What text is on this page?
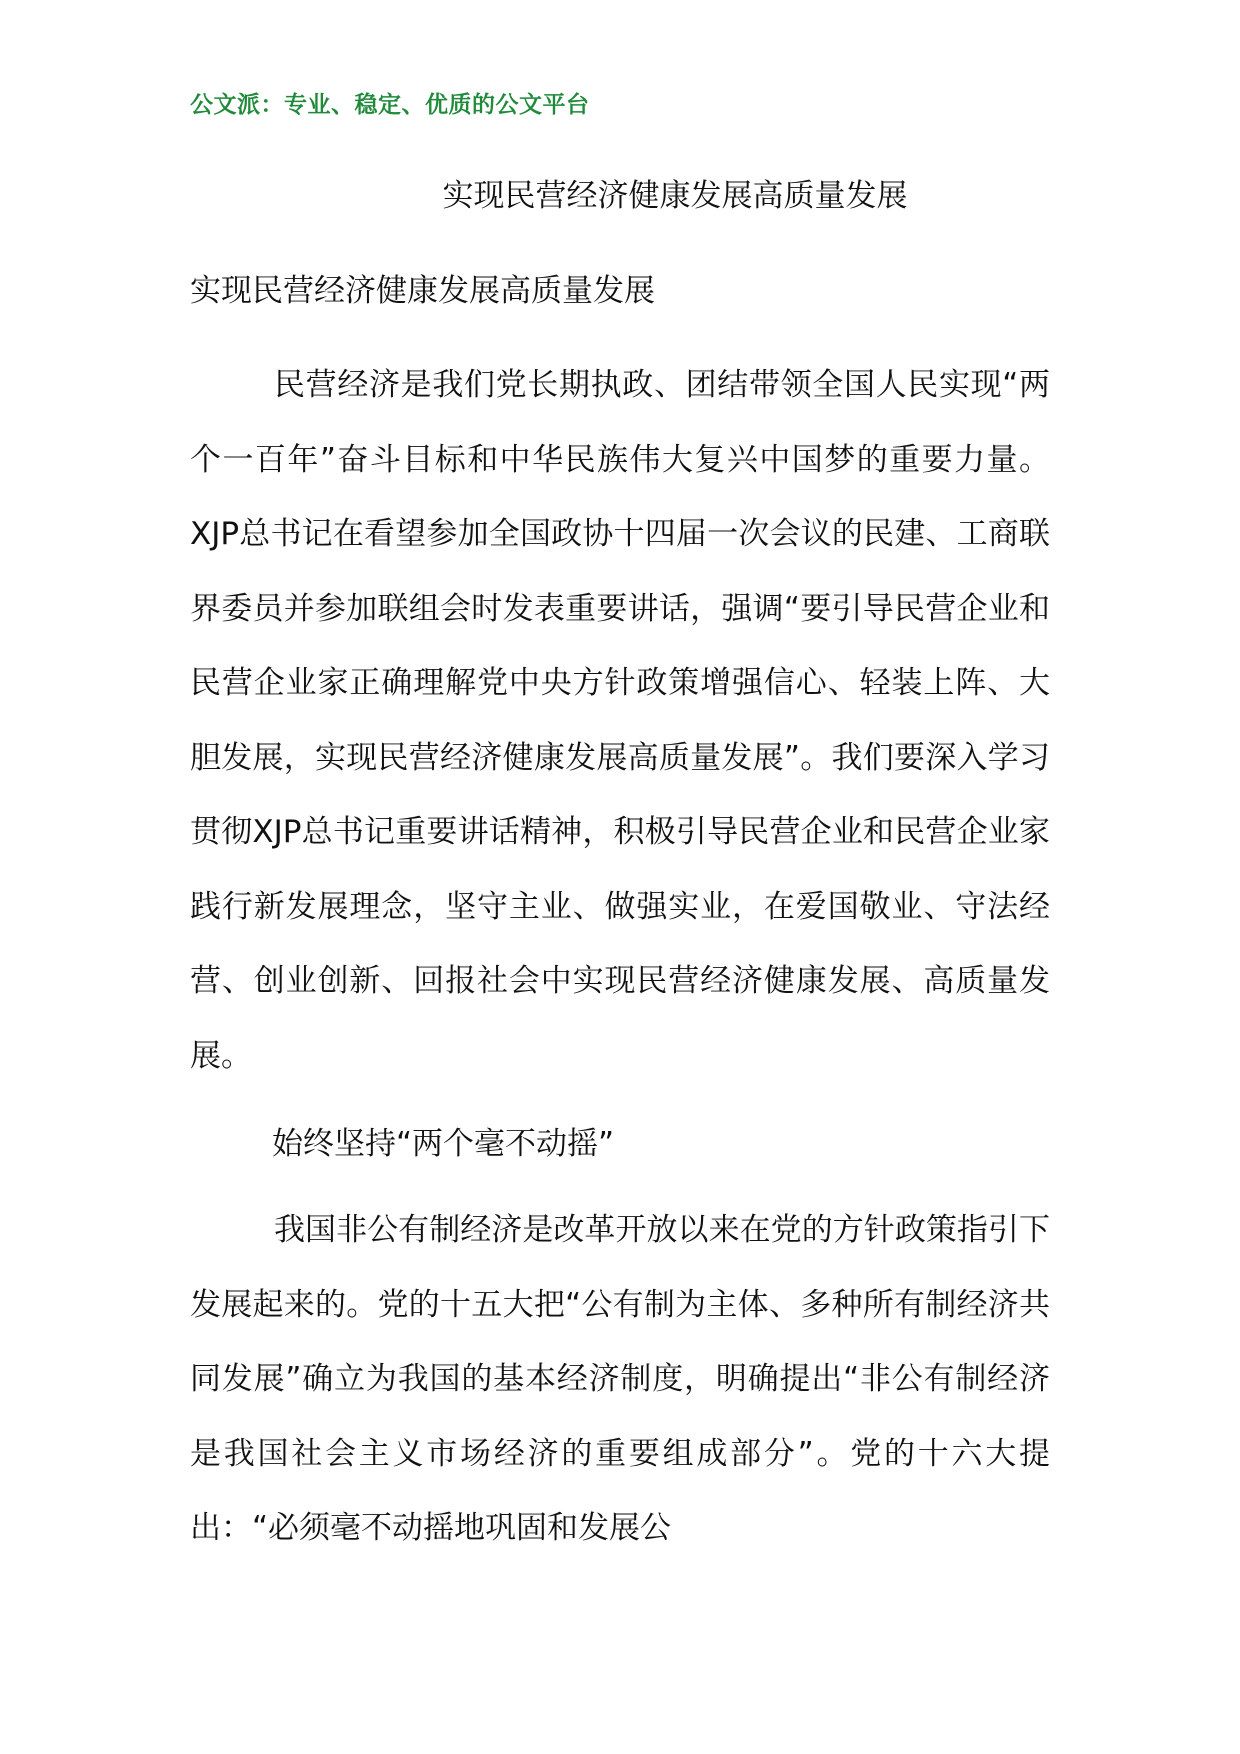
公文派：专业、稳定、优质的公文平台
实现民营经济健康发展高质量发展
实现民营经济健康发展高质量发展

民营经济是我们党长期执政、团结带领全国人民实现“两个一百年”奋斗目标和中华民族伟大复兴中国梦的重要力量。XJP总书记在看望参加全国政协十四届一次会议的民建、工商联界委员并参加联组会时发表重要讲话，强调“要引导民营企业和民营企业家正确理解党中央方针政策增强信心、轻装上阵、大胆发展，实现民营经济健康发展高质量发展”。我们要深入学习贯彻XJP总书记重要讲话精神，积极引导民营企业和民营企业家践行新发展理念，坚守主业、做强实业，在爱国敬业、守法经营、创业创新、回报社会中实现民营经济健康发展、高质量发展。

始终坚持“两个毫不动摇”

我国非公有制经济是改革开放以来在党的方针政策指引下发展起来的。党的十五大把“公有制为主体、多种所有制经济共同发展”确立为我国的基本经济制度，明确提出“非公有制经济是我国社会主义市场经济的重要组成部分”。党的十六大提出：“必须毫不动摇地巩固和发展公
